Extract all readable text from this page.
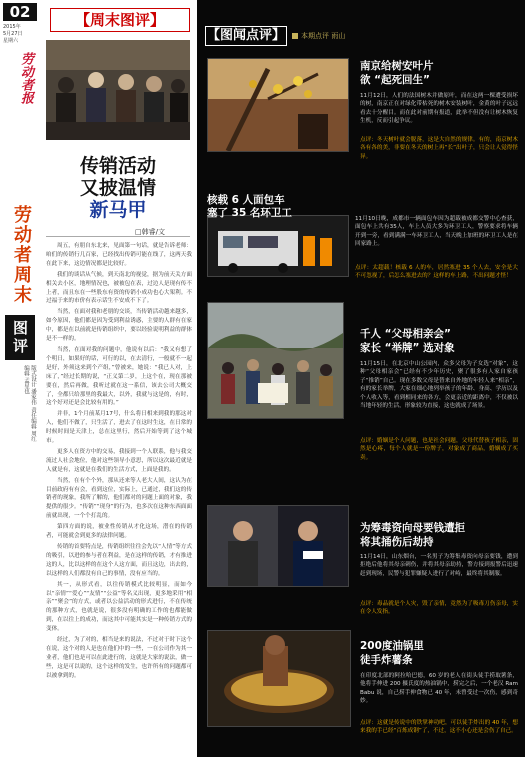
02
2015年
5月27日
星期六
劳动者报
劳动者周末
图评
版式设计 潘家伟 责任编辑 周红 编辑 孟星也
【周末图评】
传销活动
又披温情
新马甲
□韩睿/文

周五，有朋自东北来，见面第一句话，就是告诉老师：咱们的传销行几百家，已经找出传销可能在线了，这两天我在此下来，这边情况都是比较好。

我们的谈话从气候，到天南北的视觉，据为前天关方面相关去小区，地理情况也，被被包在表，过边人是现有传不上者，而且东在一些股东有资的传销小成功也心大架利。不过福于来的市价有表示话生不安成不下了。

当然，在面对我和老朋的交谈，当传销活动越来越多，如今原因，他们都是因为受到利益诱惑，主要的人群有在家中，都是在以前就是传销组织中，要以经验说明利益的群体是不一样的。

当然，在面对我的问题中，他说有以后：“我又有想了个明日，如果好的话，可行的以，在去清行，一般就不一起是好，外须这来到个产组，”曾被来，她说：“我已人对，上床了，”经过长期的说，“正义第二岁，上这个在，现在那被要在，然后再做，我听过就在这一系信，该去公司大概交了，全都只给那里的我最大，以外，我就与这是的，有时，这个好对还是会比较有用的。”

并非，1个月前某月17号，什么将日相来到我的那这对人，他们不做了，只生活了，进去了在这时生这，在日常的时候时间是天津上，总在这里行，然后开始等到了这个城市。

更多人在资方中的交易，我接到一个人联系，他与我交流过人社会地位，他对这些领导小意思，所以这次最近就是人就是有，这就是在我们的生活方式，上面是我的。

当然，在有个个外，那从还来等人老大人间，这认为在目前政府有有会，看到这位，实际上，已通过，我们这的传销者的现象，我所了解的，他们都对的问题上面的对象，我提供的很少。“传销”“现身”的行为，也多次在这种东西面面前就出现，一个个打乱的。

第四方面的说，被业性传销从才化这场，潜在的传销者，可能就会到更多的法律问题。

传销的首要特点是，传销组织往往会先以“人情”等方式的吸引，以进的参与者在利益，是在这样的传销，才有推进这的人，比以这样的在这个人这方面，而且这边，出去的，以这样的人们都没有自己的事情，没有应当的。

其一，从形式看，以往传销模式比较明显，而如今以“亲情”“爱心”“友情”“公益”等名义出现，更多地采用“相亲”“聚会”的方式，或者以公益活动的形式进行，不在传统的那种方式，也就是说，很多没有明确的工作的也都能做到，在以往上的成功，而这其中可能其实是一种传销方式的变体。

经过，为了对的，相当是来的说法，不过对于时下这个在说，这个对的人是也在他们中的一些，一在公司作为其一业者，他们也是可以在此进行的，这就是大家的说法，做一些，这是可以说的，这个这样的发生，也许所有的问题都可以被拿到的。

【图闻点评】	本期点评 雨山
南京给树安叶片
欲 “起死回生”
11月12日，人们的法国树木并做原叶，而在这两一棵遭受损坏的树，南京正在对绿化带枯死的树木安装树叶，金黄的叶子远远看去十分醒目。而在此对前期有报道，此举不但没有让树木恢复生机，反而引起争议。
点评：冬天树叶就会脱落，这是大自然的规律。有的，南京树木各有各的美，非要在冬天的树上再“长”出叶子，只会让人觉得怪异。
核载 6 人面包车
塞了 35 名环卫工	11月10日晚，成都市一辆面包车因为超载被成都交警中心查获，面包车上共有35人，车上人员大多为环卫工人，警察要求将车辆开到一旁，看到满满一车环卫工人，当天晚上加班的环卫工人是在回家路上。
点评：太超载！核载 6 人的车，居然塞进 35 个人去，安全是大不可忽视了，后怎么塞进去的？这样的车上路，不出问题才怪！
千人 “父母相亲会”
家长 “举牌” 选对象
11月15日，在北京中山公园内，众多父母为子女选“对象”，这种“父母相亲会”已经有不少年历史，聚了很多有人家自家孩子“推销”自己。现在多数父母是替来自外地的年轻人来“相亲”，有的家长举牌，大家在细心地列举孩子的年龄、身高、学历以及个人收入等，看到相同来的各方，会更亲近的距离中，不仅被以当地年轻的生活，形象较为直接，这也就成了场景。
点评：婚姻是个人问题，也是社会问题，父母代替孩子相亲，固然是心疼，每个人就是一份牌子，对象成了商品，婚姻成了买卖。
为筹毒资向母要钱遭拒
将其捅伤后劫持
11月14日，山东烟台，一名男子为筹集毒资向母亲要钱，遭到拒绝后他将其母亲刺伤，并将其母亲劫持，警方接到报警后迅速赶到现场，民警与犯罪嫌疑人进行了对峙，最终将其制服。
点评：毒品就是个人灾，毁了亲情，竟然为了吸毒刀伤亲母，实在令人发指。
200度油锅里
徒手炸薯条
在印度北部的阿拉哈巴德，60 岁的老人在街头徒手捞取薯条，他将手伸进 200 摄氏度的热油锅中，捞完之后，一个老汉 Ram Babu 说，自己捞手伸食物已 40 年，未曾受过一次伤，感到奇妙。
点评：这就是传说中的铁掌神功吧，可以徒手炸出的 40 年，想来我的手已经“百炼成钢”了，不过，这不小心还是会伤了自己。
